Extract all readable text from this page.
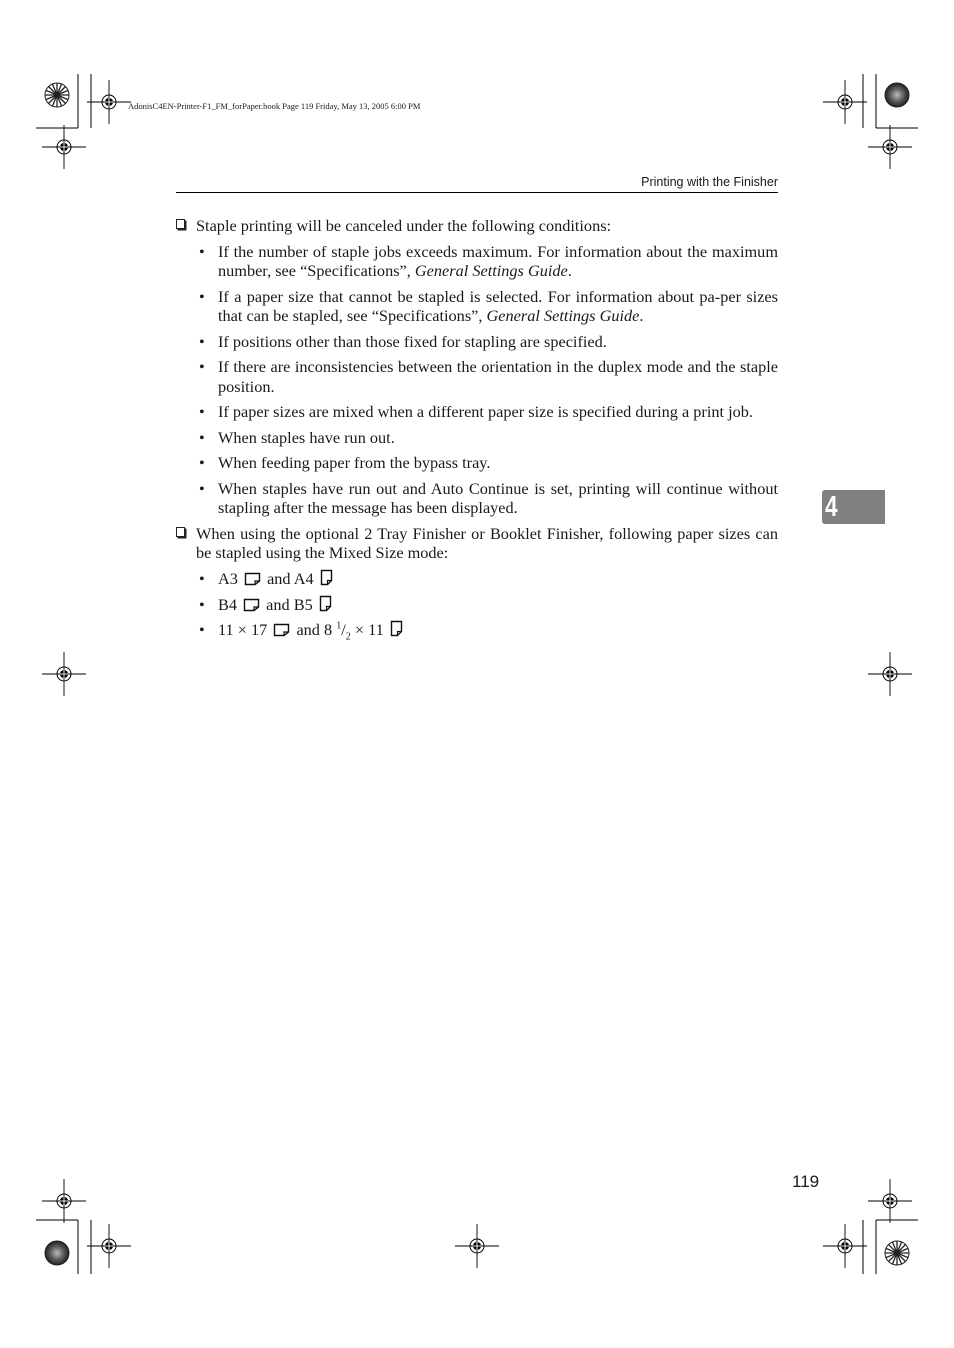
AdonisC4EN-Printer-F1_FM_forPaper.book Page 119 Friday, May 13, 2005 6:00 PM
Printing with the Finisher
4
Staple printing will be canceled under the following conditions:
• If the number of staple jobs exceeds maximum. For information about the maximum number, see “Specifications”, General Settings Guide.
• If a paper size that cannot be stapled is selected. For information about pa-per sizes that can be stapled, see “Specifications”, General Settings Guide.
• If positions other than those fixed for stapling are specified.
• If there are inconsistencies between the orientation in the duplex mode and the staple position.
• If paper sizes are mixed when a different paper size is specified during a print job.
• When staples have run out.
• When feeding paper from the bypass tray.
• When staples have run out and Auto Continue is set, printing will continue without stapling after the message has been displayed.
When using the optional 2 Tray Finisher or Booklet Finisher, following paper sizes can be stapled using the Mixed Size mode:
• A3 and A4
• B4 and B5
• 11 × 17 and 8 $^1/_2 \times 11$
119
